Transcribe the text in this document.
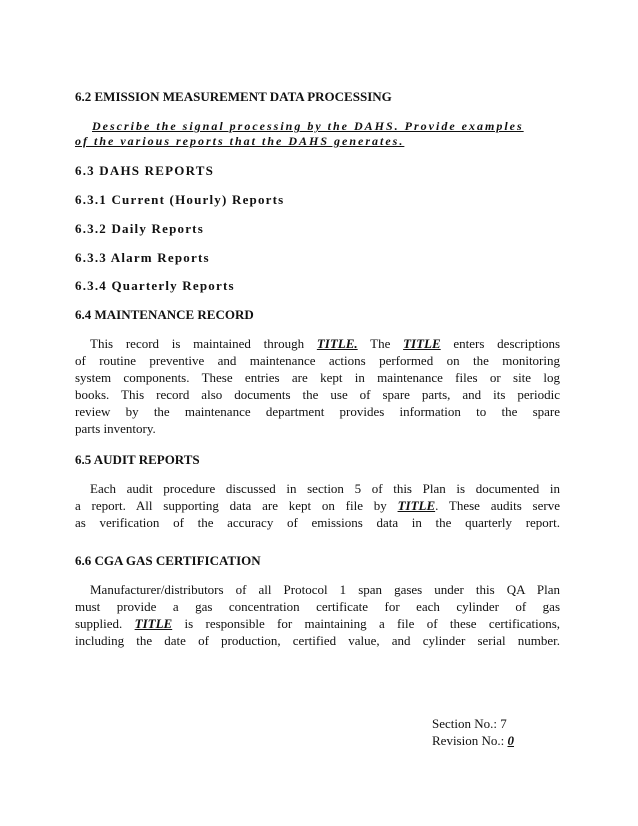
6.2 EMISSION MEASUREMENT DATA PROCESSING
Describe the signal processing by the DAHS. Provide examples
of the various reports that the DAHS generates.
6.3 DAHS REPORTS
6.3.1 Current (Hourly) Reports
6.3.2 Daily Reports
6.3.3 Alarm Reports
6.3.4 Quarterly Reports
6.4 MAINTENANCE RECORD
This record is maintained through TITLE. The TITLE enters descriptions
of routine preventive and maintenance actions performed on the monitoring
system components. These entries are kept in maintenance files or site log
books. This record also documents the use of spare parts, and its periodic
review by the maintenance department provides information to the spare
parts inventory.
6.5 AUDIT REPORTS
Each audit procedure discussed in section 5 of this Plan is documented in
a report. All supporting data are kept on file by TITLE. These audits serve
as verification of the accuracy of emissions data in the quarterly report.
6.6 CGA GAS CERTIFICATION
Manufacturer/distributors of all Protocol 1 span gases under this QA Plan
must provide a gas concentration certificate for each cylinder of gas
supplied. TITLE is responsible for maintaining a file of these certifications,
including the date of production, certified value, and cylinder serial number.
Section No.: 7
Revision No.: 0
